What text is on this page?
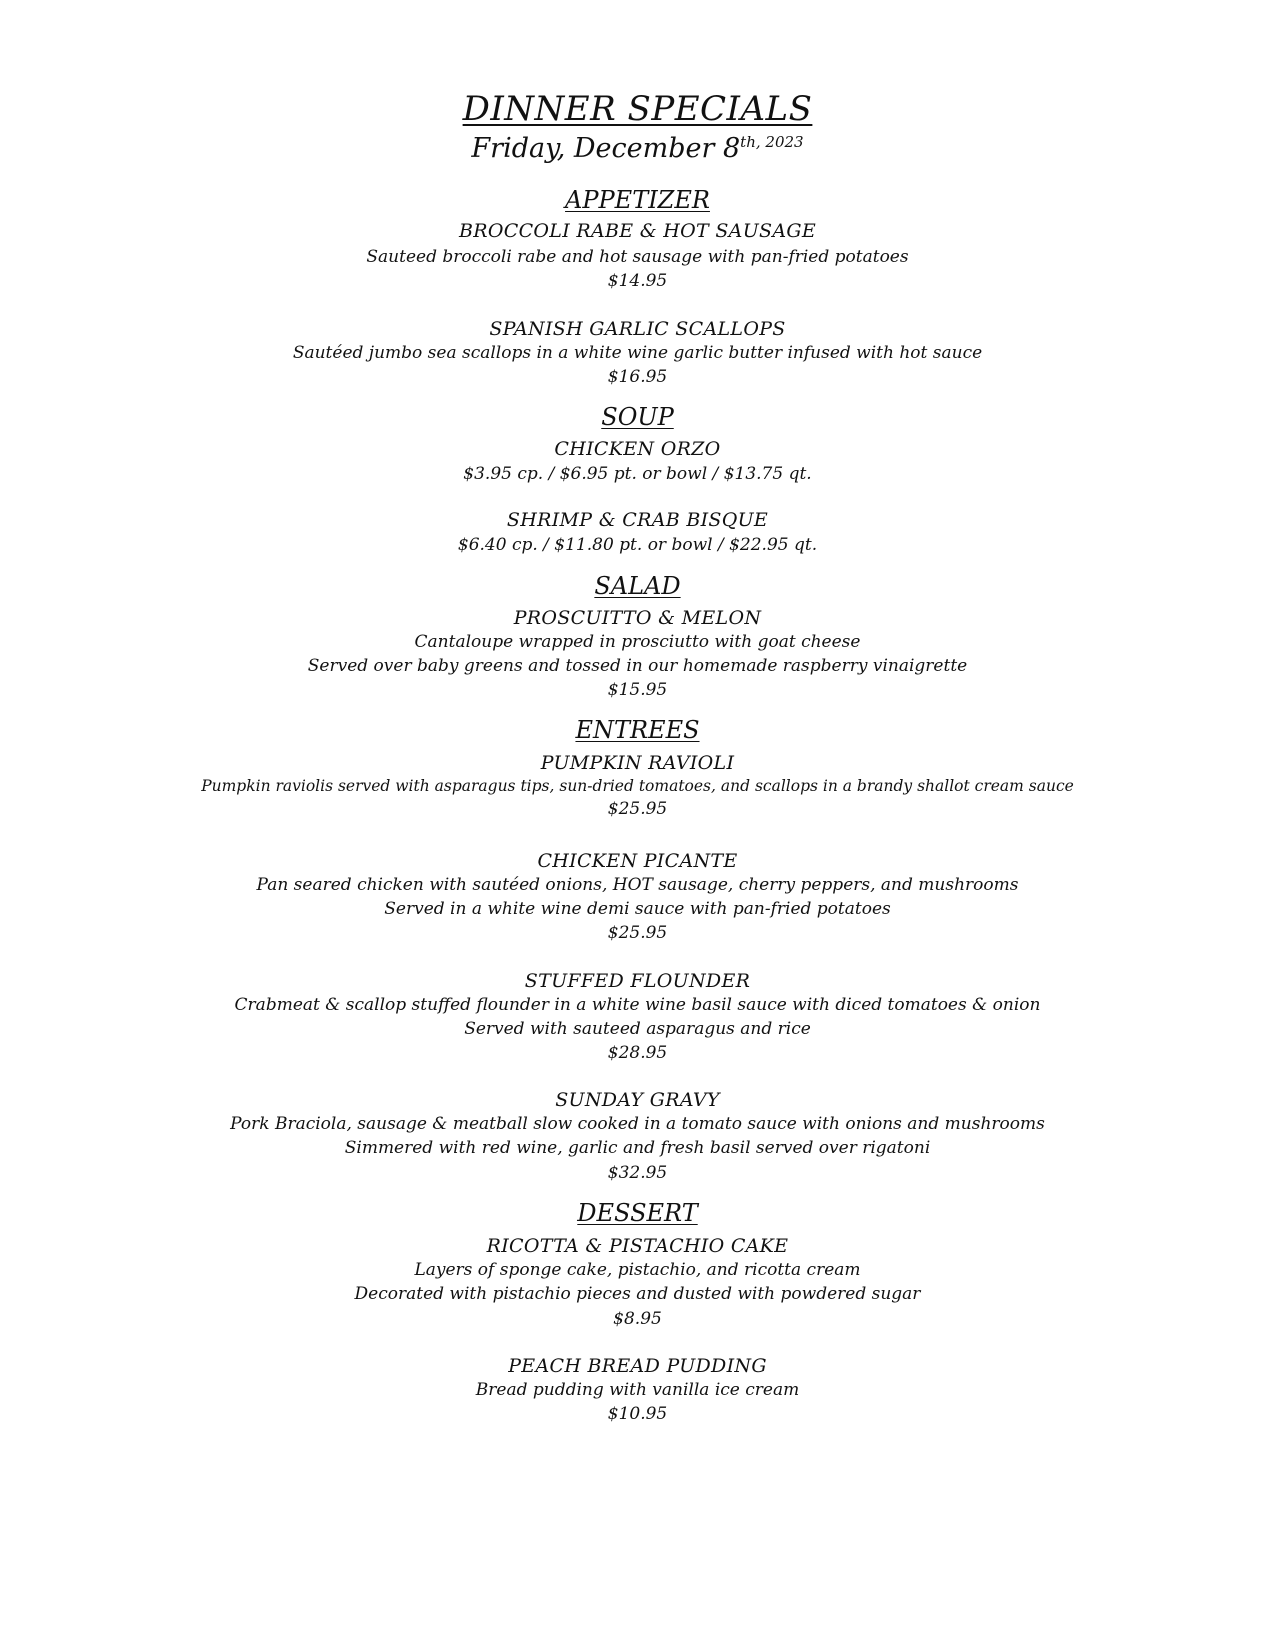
DINNER SPECIALS
Friday, December $8^{th, 2023}$
APPETIZER
BROCCOLI RABE & HOT SAUSAGE
Sauteed broccoli rabe and hot sausage with pan-fried potatoes
$14.95
SPANISH GARLIC SCALLOPS
Sautéed jumbo sea scallops in a white wine garlic butter infused with hot sauce
$16.95
SOUP
CHICKEN ORZO
$3.95 cp. / $6.95 pt. or bowl / $13.75 qt.
SHRIMP & CRAB BISQUE
$6.40 cp. / $11.80 pt. or bowl / $22.95 qt.
SALAD
PROSCUITTO & MELON
Cantaloupe wrapped in prosciutto with goat cheese
Served over baby greens and tossed in our homemade raspberry vinaigrette
$15.95
ENTREES
PUMPKIN RAVIOLI
Pumpkin raviolis served with asparagus tips, sun-dried tomatoes, and scallops in a brandy shallot cream sauce
$25.95
CHICKEN PICANTE
Pan seared chicken with sautéed onions, HOT sausage, cherry peppers, and mushrooms
Served in a white wine demi sauce with pan-fried potatoes
$25.95
STUFFED FLOUNDER
Crabmeat & scallop stuffed flounder in a white wine basil sauce with diced tomatoes & onion
Served with sauteed asparagus and rice
$28.95
SUNDAY GRAVY
Pork Braciola, sausage & meatball slow cooked in a tomato sauce with onions and mushrooms
Simmered with red wine, garlic and fresh basil served over rigatoni
$32.95
DESSERT
RICOTTA & PISTACHIO CAKE
Layers of sponge cake, pistachio, and ricotta cream
Decorated with pistachio pieces and dusted with powdered sugar
$8.95
PEACH BREAD PUDDING
Bread pudding with vanilla ice cream
$10.95
